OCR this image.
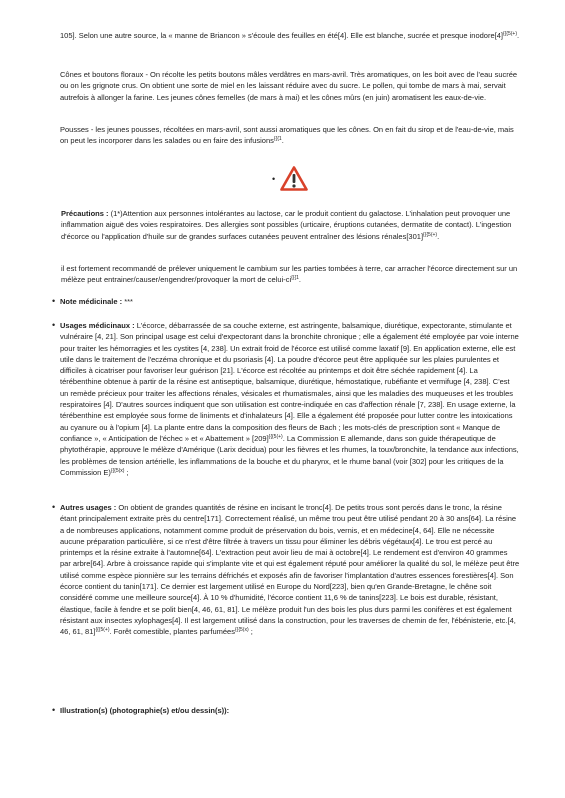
105]. Selon une autre source, la « manne de Briancon » s'écoule des feuilles en été[4]. Elle est blanche, sucrée et presque $inodore[4]^{\{\{\{5(+)}$.
Cônes et boutons floraux - On récolte les petits boutons mâles verdâtres en mars-avril. Très aromatiques, on les boit avec de l'eau sucrée ou on les grignote crus. On obtient une sorte de miel en les laissant réduire avec du sucre. Le pollen, qui tombe de mars à mai, servait autrefois à allonger la farine. Les jeunes cônes femelles (de mars à mai) et les cônes mûrs (en juin) aromatisent les eaux-de-vie.
Pousses - les jeunes pousses, récoltées en mars-avril, sont aussi aromatiques que les cônes. On en fait du sirop et de l'eau-de-vie, mais on peut les incorporer dans les salades ou en faire des infusions$^{\{\{\{1}$.
•
Précautions : (1*)Attention aux personnes intolérantes au lactose, car le produit contient du galactose. L'inhalation peut provoquer une inflammation aiguë des voies respiratoires. Des allergies sont possibles (urticaire, éruptions cutanées, dermatite de contact). L'ingestion d'écorce ou l'application d'huile sur de grandes surfaces cutanées peuvent entraîner des lésions $rénales[301]^{\{\{\{5(+)}$.
il est fortement recommandé de prélever uniquement le cambium sur les parties tombées à terre, car arracher l'écorce directement sur un mélèze peut entrainer/causer/engendrer/provoquer la mort de celui-$ci^{\{\{\{1}$.
• Note médicinale : ***
• Usages médicinaux : L'écorce, débarrassée de sa couche externe, est astringente, balsamique, diurétique, expectorante, stimulante et vulnéraire [4, 21]. Son principal usage est celui d'expectorant dans la bronchite chronique ; elle a également été employée par voie interne pour traiter les hémorragies et les cystites [4, 238]. Un extrait froid de l'écorce est utilisé comme laxatif [9]. En application externe, elle est utile dans le traitement de l'eczéma chronique et du psoriasis [4]. La poudre d'écorce peut être appliquée sur les plaies purulentes et difficiles à cicatriser pour favoriser leur guérison [21]. L'écorce est récoltée au printemps et doit être séchée rapidement [4]. La térébenthine obtenue à partir de la résine est antiseptique, balsamique, diurétique, hémostatique, rubéfiante et vermifuge [4, 238]. C'est un remède précieux pour traiter les affections rénales, vésicales et rhumatismales, ainsi que les maladies des muqueuses et les troubles respiratoires [4]. D'autres sources indiquent que son utilisation est contre-indiquée en cas d'affection rénale [7, 238]. En usage externe, la térébenthine est employée sous forme de liniments et d'inhalateurs [4]. Elle a également été proposée pour lutter contre les intoxications au cyanure ou à l'opium [4]. La plante entre dans la composition des fleurs de Bach ; les mots-clés de prescription sont « Manque de confiance », « Anticipation de l'échec » et « Abattement » $[209]^{\{\{\{5(+)}$. La Commission E allemande, dans son guide thérapeutique de phytothérapie, approuve le mélèze d'Amérique (Larix decidua) pour les fièvres et les rhumes, la toux/bronchite, la tendance aux infections, les problèmes de tension artérielle, les inflammations de la bouche et du pharynx, et le rhume banal (voir [302] pour les critiques de la Commission E)$^{\{\{\{5(x)}$ ;
• Autres usages : On obtient de grandes quantités de résine en incisant le tronc[4]. De petits trous sont percés dans le tronc, la résine étant principalement extraite près du centre[171]. Correctement réalisé, un même trou peut être utilisé pendant 20 à 30 ans[64]. La résine a de nombreuses applications, notamment comme produit de préservation du bois, vernis, et en médecine[4, 64]. Elle ne nécessite aucune préparation particulière, si ce n'est d'être filtrée à travers un tissu pour éliminer les débris végétaux[4]. Le trou est percé au printemps et la résine extraite à l'automne[64]. L'extraction peut avoir lieu de mai à octobre[4]. Le rendement est d'environ 40 grammes par arbre[64]. Arbre à croissance rapide qui s'implante vite et qui est également réputé pour améliorer la qualité du sol, le mélèze peut être utilisé comme espèce pionnière sur les terrains défrichés et exposés afin de favoriser l'implantation d'autres essences forestières[4]. Son écorce contient du tanin[171]. Ce dernier est largement utilisé en Europe du Nord[223], bien qu'en Grande-Bretagne, le chêne soit considéré comme une meilleure source[4]. À 10 % d'humidité, l'écorce contient 11,6 % de tanins[223]. Le bois est durable, résistant, élastique, facile à fendre et se polit bien[4, 46, 61, 81]. Le mélèze produit l'un des bois les plus durs parmi les conifères et est également résistant aux insectes xylophages[4]. Il est largement utilisé dans la construction, pour les traverses de chemin de fer, l'ébénisterie, etc.[4, 46, 61, 81]$^{\{\{\{5(+)}$. Forêt comestible, plantes parfumées$^{\{\{\{5(x)}$ ;
• Illustration(s) (photographie(s) et/ou dessin(s)):
